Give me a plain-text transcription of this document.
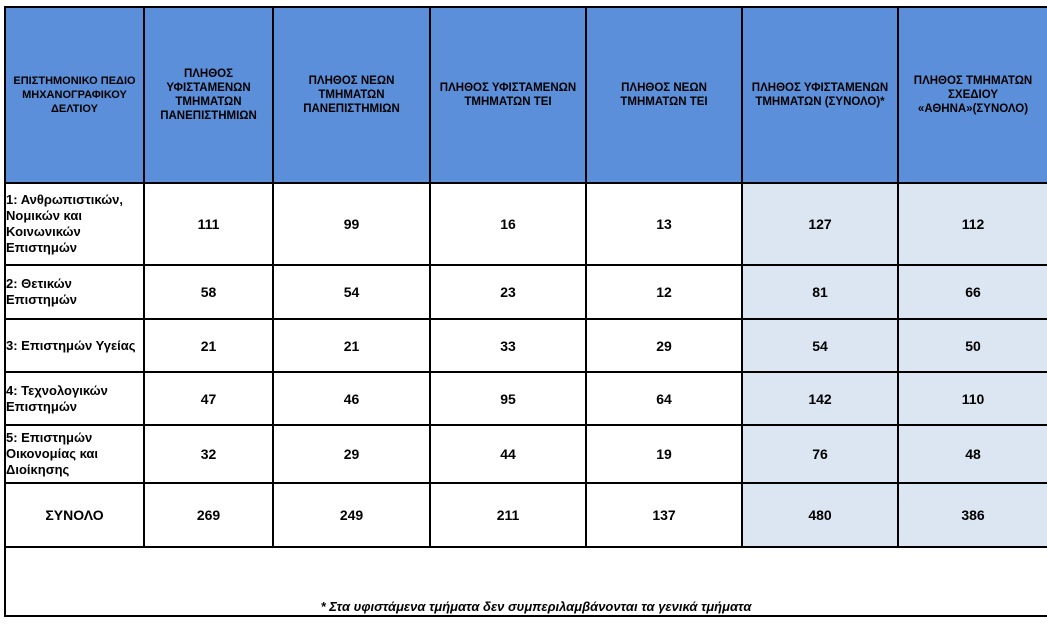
ΕΠΙΣΤΗΜΟΝΙΚΟ ΠΕΔΙΟ ΜΗΧΑΝΟΓΡΑΦΙΚΟΥ ΔΕΛΤΙΟΥ	ΠΛΗΘΟΣ ΥΦΙΣΤΑΜΕΝΩΝ ΤΜΗΜΑΤΩΝ ΠΑΝΕΠΙΣΤΗΜΙΩΝ	ΠΛΗΘΟΣ ΝΕΩΝ ΤΜΗΜΑΤΩΝ ΠΑΝΕΠΙΣΤΗΜΙΩΝ	ΠΛΗΘΟΣ ΥΦΙΣΤΑΜΕΝΩΝ ΤΜΗΜΑΤΩΝ ΤΕΙ	ΠΛΗΘΟΣ ΝΕΩΝ ΤΜΗΜΑΤΩΝ ΤΕΙ	ΠΛΗΘΟΣ ΥΦΙΣΤΑΜΕΝΩΝ ΤΜΗΜΑΤΩΝ (ΣΥΝΟΛΟ)*	ΠΛΗΘΟΣ ΤΜΗΜΑΤΩΝ ΣΧΕΔΙΟΥ «ΑΘΗΝΑ»(ΣΥΝΟΛΟ)
1: Ανθρωπιστικών, Νομικών και Κοινωνικών Επιστημών	111	99	16	13	127	112
2: Θετικών Επιστημών	58	54	23	12	81	66
3: Επιστημών Υγείας	21	21	33	29	54	50
4: Τεχνολογικών Επιστημών	47	46	95	64	142	110
5: Επιστημών Οικονομίας και Διοίκησης	32	29	44	19	76	48
ΣΥΝΟΛΟ	269	249	211	137	480	386
* Στα υφιστάμενα τμήματα δεν συμπεριλαμβάνονται τα γενικά τμήματα
